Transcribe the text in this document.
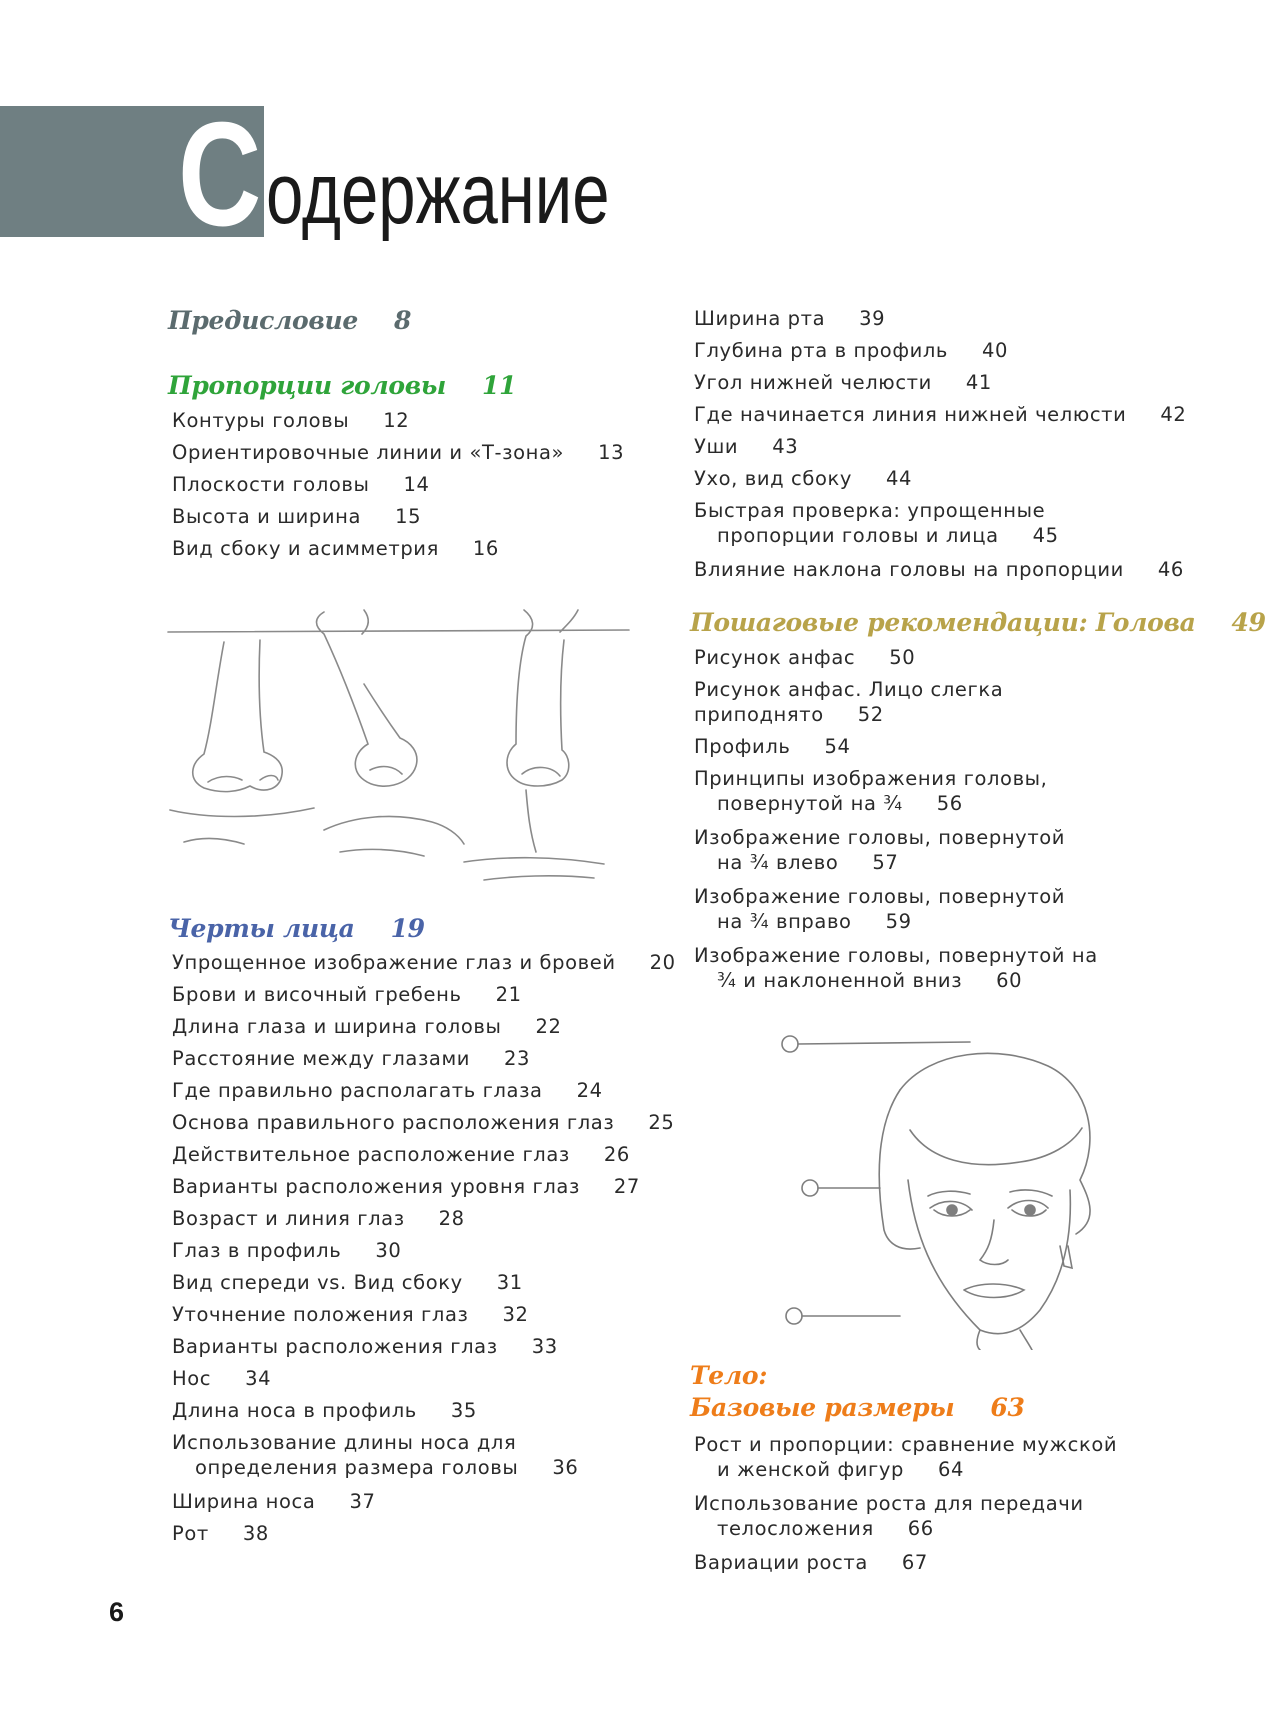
С одержание
Предисловие 8
Пропорции головы 11
Контуры головы 12
Ориентировочные линии и «Т-зона» 13
Плоскости головы 14
Высота и ширина 15
Вид сбоку и асимметрия 16
Черты лица 19
Упрощенное изображение глаз и бровей 20
Брови и височный гребень 21
Длина глаза и ширина головы 22
Расстояние между глазами 23
Где правильно располагать глаза 24
Основа правильного расположения глаз 25
Действительное расположение глаз 26
Варианты расположения уровня глаз 27
Возраст и линия глаз 28
Глаз в профиль 30
Вид спереди vs. Вид сбоку 31
Уточнение положения глаз 32
Варианты расположения глаз 33
Нос 34
Длина носа в профиль 35
Использование длины носа для
определения размера головы 36
Ширина носа 37
Рот 38
Ширина рта 39
Глубина рта в профиль 40
Угол нижней челюсти 41
Где начинается линия нижней челюсти 42
Уши 43
Ухо, вид сбоку 44
Быстрая проверка: упрощенные
пропорции головы и лица 45
Влияние наклона головы на пропорции 46
Пошаговые рекомендации: Голова 49
Рисунок анфас 50
Рисунок анфас. Лицо слегка приподнято 52
Профиль 54
Принципы изображения головы,
повернутой на ¾ 56
Изображение головы, повернутой
на ¾ влево 57
Изображение головы, повернутой
на ¾ вправо 59
Изображение головы, повернутой на
¾ и наклоненной вниз 60
Тело:
Базовые размеры 63
Рост и пропорции: сравнение мужской
и женской фигур 64
Использование роста для передачи
телосложения 66
Вариации роста 67
6
